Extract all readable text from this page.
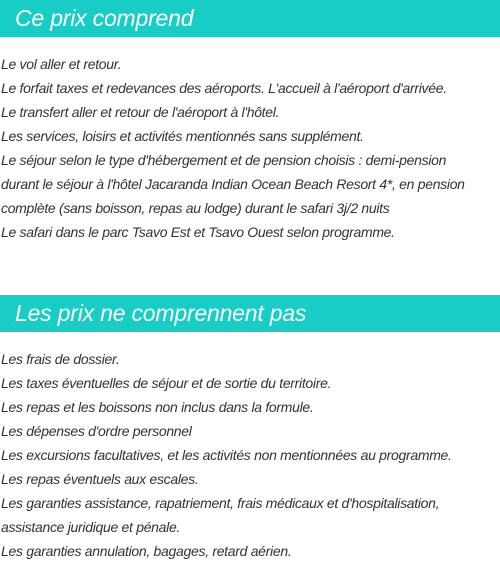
Ce prix comprend
Le vol aller et retour.
Le forfait taxes et redevances des aéroports. L'accueil à l'aéroport d'arrivée.
Le transfert aller et retour de l'aéroport à l'hôtel.
Les services, loisirs et activités mentionnés sans supplément.
Le séjour selon le type d'hébergement et de pension choisis : demi-pension
durant le séjour à l'hôtel Jacaranda Indian Ocean Beach Resort 4*, en pension
complète (sans boisson, repas au lodge) durant le safari 3j/2 nuits
Le safari dans le parc Tsavo Est et Tsavo Ouest selon programme.
Les prix ne comprennent pas
Les frais de dossier.
Les taxes éventuelles de séjour et de sortie du territoire.
Les repas et les boissons non inclus dans la formule.
Les dépenses d'ordre personnel
Les excursions facultatives, et les activités non mentionnées au programme.
Les repas éventuels aux escales.
Les garanties assistance, rapatriement, frais médicaux et d'hospitalisation,
assistance juridique et pénale.
Les garanties annulation, bagages, retard aérien.
